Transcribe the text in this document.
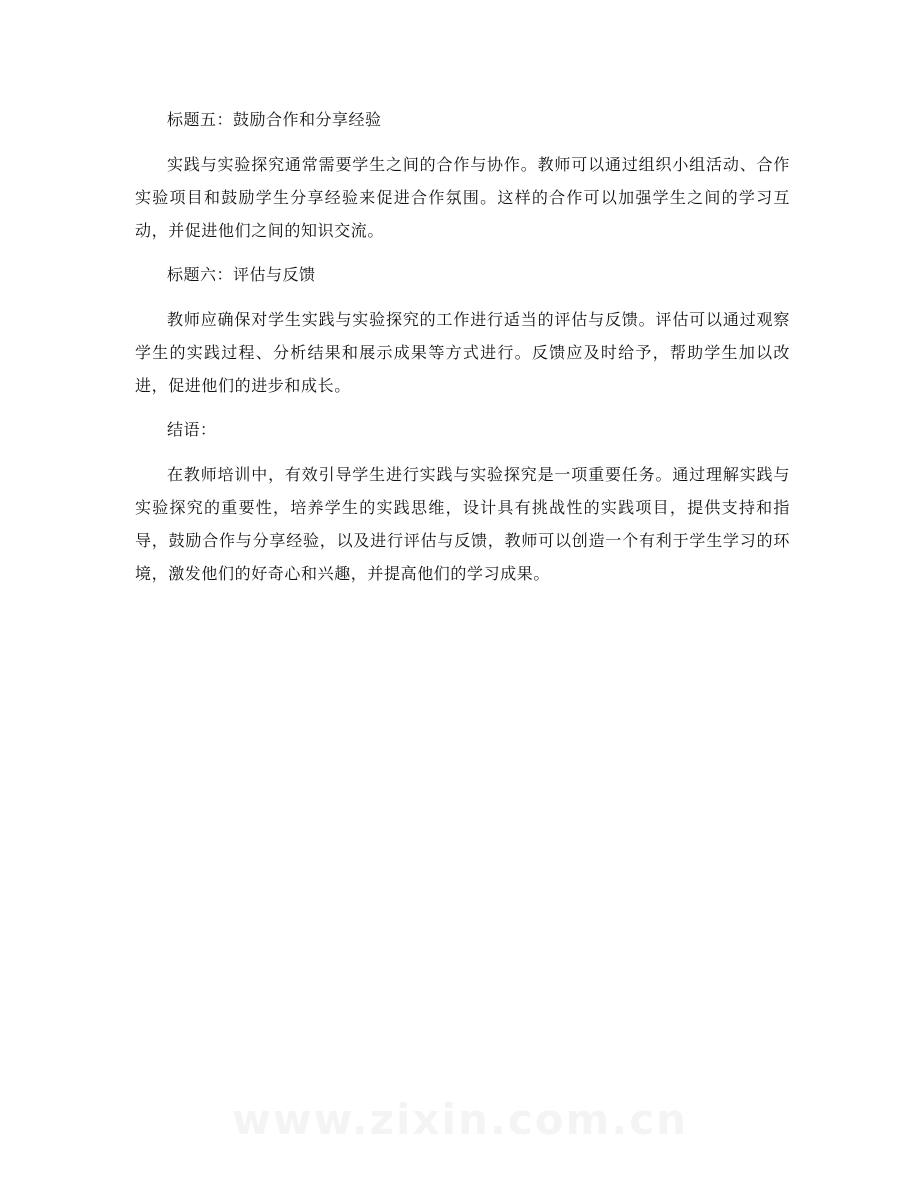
标题五：鼓励合作和分享经验

实践与实验探究通常需要学生之间的合作与协作。教师可以通过组织小组活动、合作实验项目和鼓励学生分享经验来促进合作氛围。这样的合作可以加强学生之间的学习互动，并促进他们之间的知识交流。

标题六：评估与反馈

教师应确保对学生实践与实验探究的工作进行适当的评估与反馈。评估可以通过观察学生的实践过程、分析结果和展示成果等方式进行。反馈应及时给予，帮助学生加以改进，促进他们的进步和成长。

结语：

在教师培训中，有效引导学生进行实践与实验探究是一项重要任务。通过理解实践与实验探究的重要性，培养学生的实践思维，设计具有挑战性的实践项目，提供支持和指导，鼓励合作与分享经验，以及进行评估与反馈，教师可以创造一个有利于学生学习的环境，激发他们的好奇心和兴趣，并提高他们的学习成果。

www.zixin.com.cn
